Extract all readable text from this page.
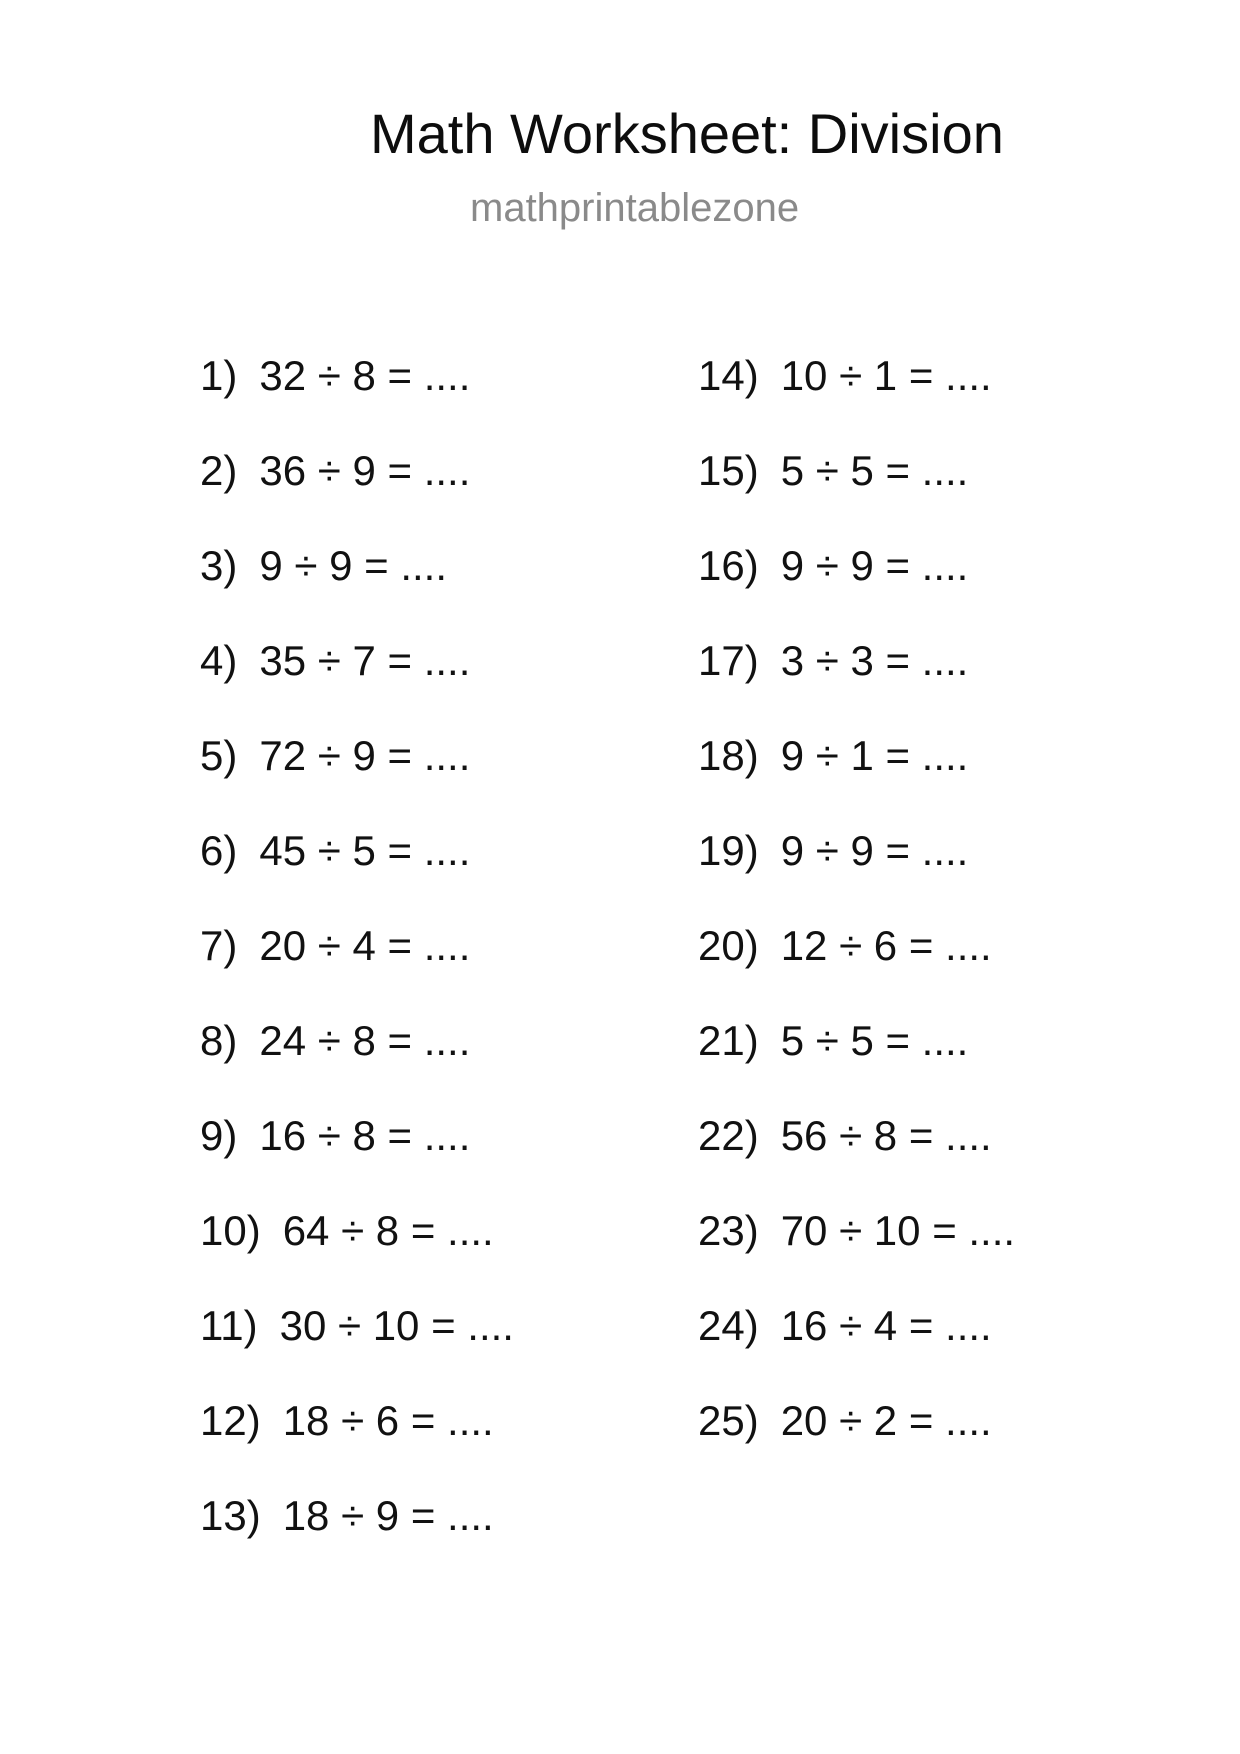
Math Worksheet: Division
mathprintablezone
1) 32 ÷ 8 = ....
2) 36 ÷ 9 = ....
3) 9 ÷ 9 = ....
4) 35 ÷ 7 = ....
5) 72 ÷ 9 = ....
6) 45 ÷ 5 = ....
7) 20 ÷ 4 = ....
8) 24 ÷ 8 = ....
9) 16 ÷ 8 = ....
10) 64 ÷ 8 = ....
11) 30 ÷ 10 = ....
12) 18 ÷ 6 = ....
13) 18 ÷ 9 = ....
14) 10 ÷ 1 = ....
15) 5 ÷ 5 = ....
16) 9 ÷ 9 = ....
17) 3 ÷ 3 = ....
18) 9 ÷ 1 = ....
19) 9 ÷ 9 = ....
20) 12 ÷ 6 = ....
21) 5 ÷ 5 = ....
22) 56 ÷ 8 = ....
23) 70 ÷ 10 = ....
24) 16 ÷ 4 = ....
25) 20 ÷ 2 = ....
